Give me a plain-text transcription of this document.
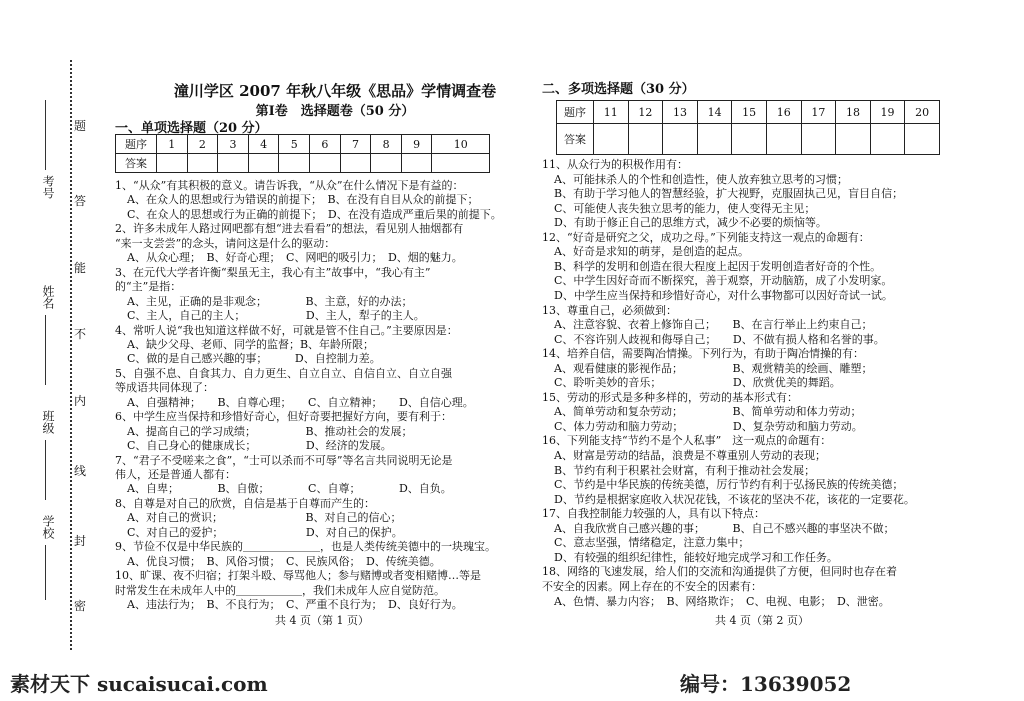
题
答
能
不
内
线
封
密
学校
班级
姓名
考号
潼川学区 2007 年秋八年级《思品》学情调查卷
第Ⅰ卷　选择题卷（50 分）
一、单项选择题（20 分）
题序	1	2	3	4	5	6	7	8	9	10
答案										
1、“从众”有其积极的意义。请告诉我，“从众”在什么情况下是有益的：
A、在众人的思想或行为错误的前提下；　B、在没有自目从众的前提下；
C、在众人的思想或行为正确的前提下；　D、在没有造成严重后果的前提下。
2、许多未成年人路过网吧都有想“进去看看”的想法，看见别人抽烟都有
“来一支尝尝”的念头，请问这是什么的驱动：
A、从众心理；　B、好奇心理；　C、网吧的吸引力；　D、烟的魅力。
3、在元代大学者许衡“梨虽无主，我心有主”故事中，“我心有主”
的“主”是指：
A、主见，正确的是非观念；　　　　B、主意，好的办法；
C、主人，自己的主人；　　　　　　D、主人，犁子的主人。
4、常听人说“我也知道这样做不好，可就是管不住自己。”主要原因是：
A、缺少父母、老师、同学的监督；B、年龄所限；
C、做的是自己感兴趣的事；　　　D、自控制力差。
5、自强不息、自食其力、自力更生、自立自立、自信自立、自立自强
等成语共同体现了：
A、自强精神；　　B、自尊心理；　　C、自立精神；　　D、自信心理。
6、中学生应当保持和珍惜好奇心，但好奇要把握好方向，要有利于：
A、提高自己的学习成绩；　　　　　B、推动社会的发展；
C、自己身心的健康成长；　　　　　D、经济的发展。
7、“君子不受嗟来之食”，“士可以杀而不可辱”等名言共同说明无论是
伟人，还是普通人都有：
A、自卑；　　　　B、自傲；　　　　C、自尊；　　　　D、自负。
8、自尊是对自己的欣赏，自信是基于自尊而产生的：
A、对自己的赏识；　　　　　　　　B、对自己的信心；
C、对自己的爱护；　　　　　　　　D、对自己的保护。
9、节俭不仅是中华民族的＿＿＿＿＿＿＿，也是人类传统美德中的一块瑰宝。
A、优良习惯；　B、风俗习惯；　C、民族风俗；　D、传统美德。
10、旷课、夜不归宿；打架斗殴、辱骂他人；参与赌博或者变相赌博…等是
时常发生在未成年人中的＿＿＿＿＿＿，我们未成年人应自觉防范。
A、违法行为；　B、不良行为；　C、严重不良行为；　D、良好行为。
共 4 页（第 1 页）
二、多项选择题（30 分）
题序	11	12	13	14	15	16	17	18	19	20
答案										
11、从众行为的积极作用有：
A、可能抹杀人的个性和创造性，使人放弃独立思考的习惯；
B、有助于学习他人的智慧经验，扩大视野，克服固执己见，盲目自信；
C、可能使人丧失独立思考的能力，使人变得无主见；
D、有助于修正自己的思维方式，减少不必要的烦恼等。
12、“好奇是研究之父，成功之母。”下列能支持这一观点的命题有：
A、好奇是求知的萌芽，是创造的起点。
B、科学的发明和创造在很大程度上起因于发明创造者好奇的个性。
C、中学生因好奇而不断探究，善于观察，开动脑筋，成了小发明家。
D、中学生应当保持和珍惜好奇心，对什么事物都可以因好奇试一试。
13、尊重自己，必须做到：
A、注意容貌、衣着上修饰自己；　　B、在言行举止上约束自己；
C、不容许别人歧视和侮辱自己；　　D、不做有损人格和名誉的事。
14、培养自信，需要陶冶情操。下列行为，有助于陶冶情操的有：
A、观看健康的影视作品；　　　　　B、观赏精美的绘画、雕塑；
C、聆听美妙的音乐；　　　　　　　D、欣赏优美的舞蹈。
15、劳动的形式是多种多样的，劳动的基本形式有：
A、简单劳动和复杂劳动；　　　　　B、简单劳动和体力劳动；
C、体力劳动和脑力劳动；　　　　　D、复杂劳动和脑力劳动。
16、下列能支持“节约不是个人私事”　这一观点的命题有：
A、财富是劳动的结晶，浪费是不尊重别人劳动的表现；
B、节约有利于积累社会财富，有利于推动社会发展；
C、节约是中华民族的传统美德，厉行节约有利于弘扬民族的传统美德；
D、节约是根据家庭收入状况花钱，不该花的坚决不花，该花的一定要花。
17、自我控制能力较强的人，具有以下特点：
A、自我欣赏自己感兴趣的事；　　　B、自己不感兴趣的事坚决不做；
C、意志坚强，情绪稳定，注意力集中；
D、有较强的组织纪律性，能较好地完成学习和工作任务。
18、网络的飞速发展，给人们的交流和沟通提供了方便，但同时也存在着
不安全的因素。网上存在的不安全的因素有：
A、色情、暴力内容；　B、网络欺诈；　C、电视、电影；　D、泄密。
共 4 页（第 2 页）
素材天下 sucaisucai.com	编号：13639052
